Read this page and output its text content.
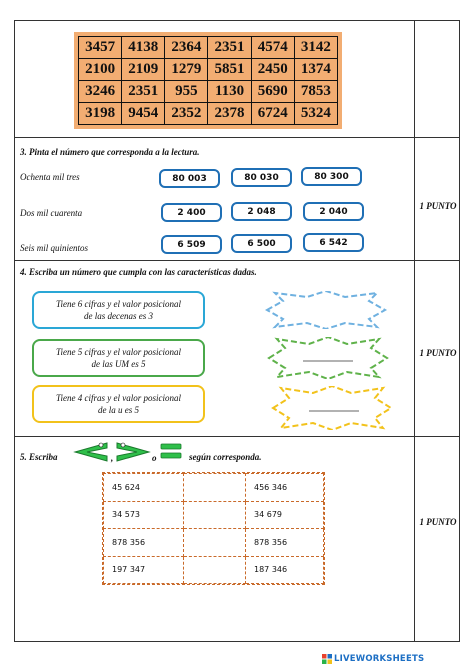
3457	4138	2364	2351	4574	3142
2100	2109	1279	5851	2450	1374
3246	2351	955	1130	5690	7853
3198	9454	2352	2378	6724	5324
3. Pinta el número que corresponda a la lectura.
Ochenta mil tres
Dos mil cuarenta
Seis mil quinientos
80 003	80 030	80 300
2 400	2 048	2 040
6 509	6 500	6 542
1 PUNTO
4. Escriba un número que cumpla con las características dadas.
Tiene 6 cifras y el valor posicional
de las decenas es 3
Tiene 5 cifras y el valor posicional
de las UM es 5
Tiene 4 cifras y el valor posicional
de la u es 5
1 PUNTO
5. Escriba	,	o	según corresponda.
45 624		456 346
34 573		34 679
878 356		878 356
197 347		187 346
1 PUNTO
LIVEWORKSHEETS
